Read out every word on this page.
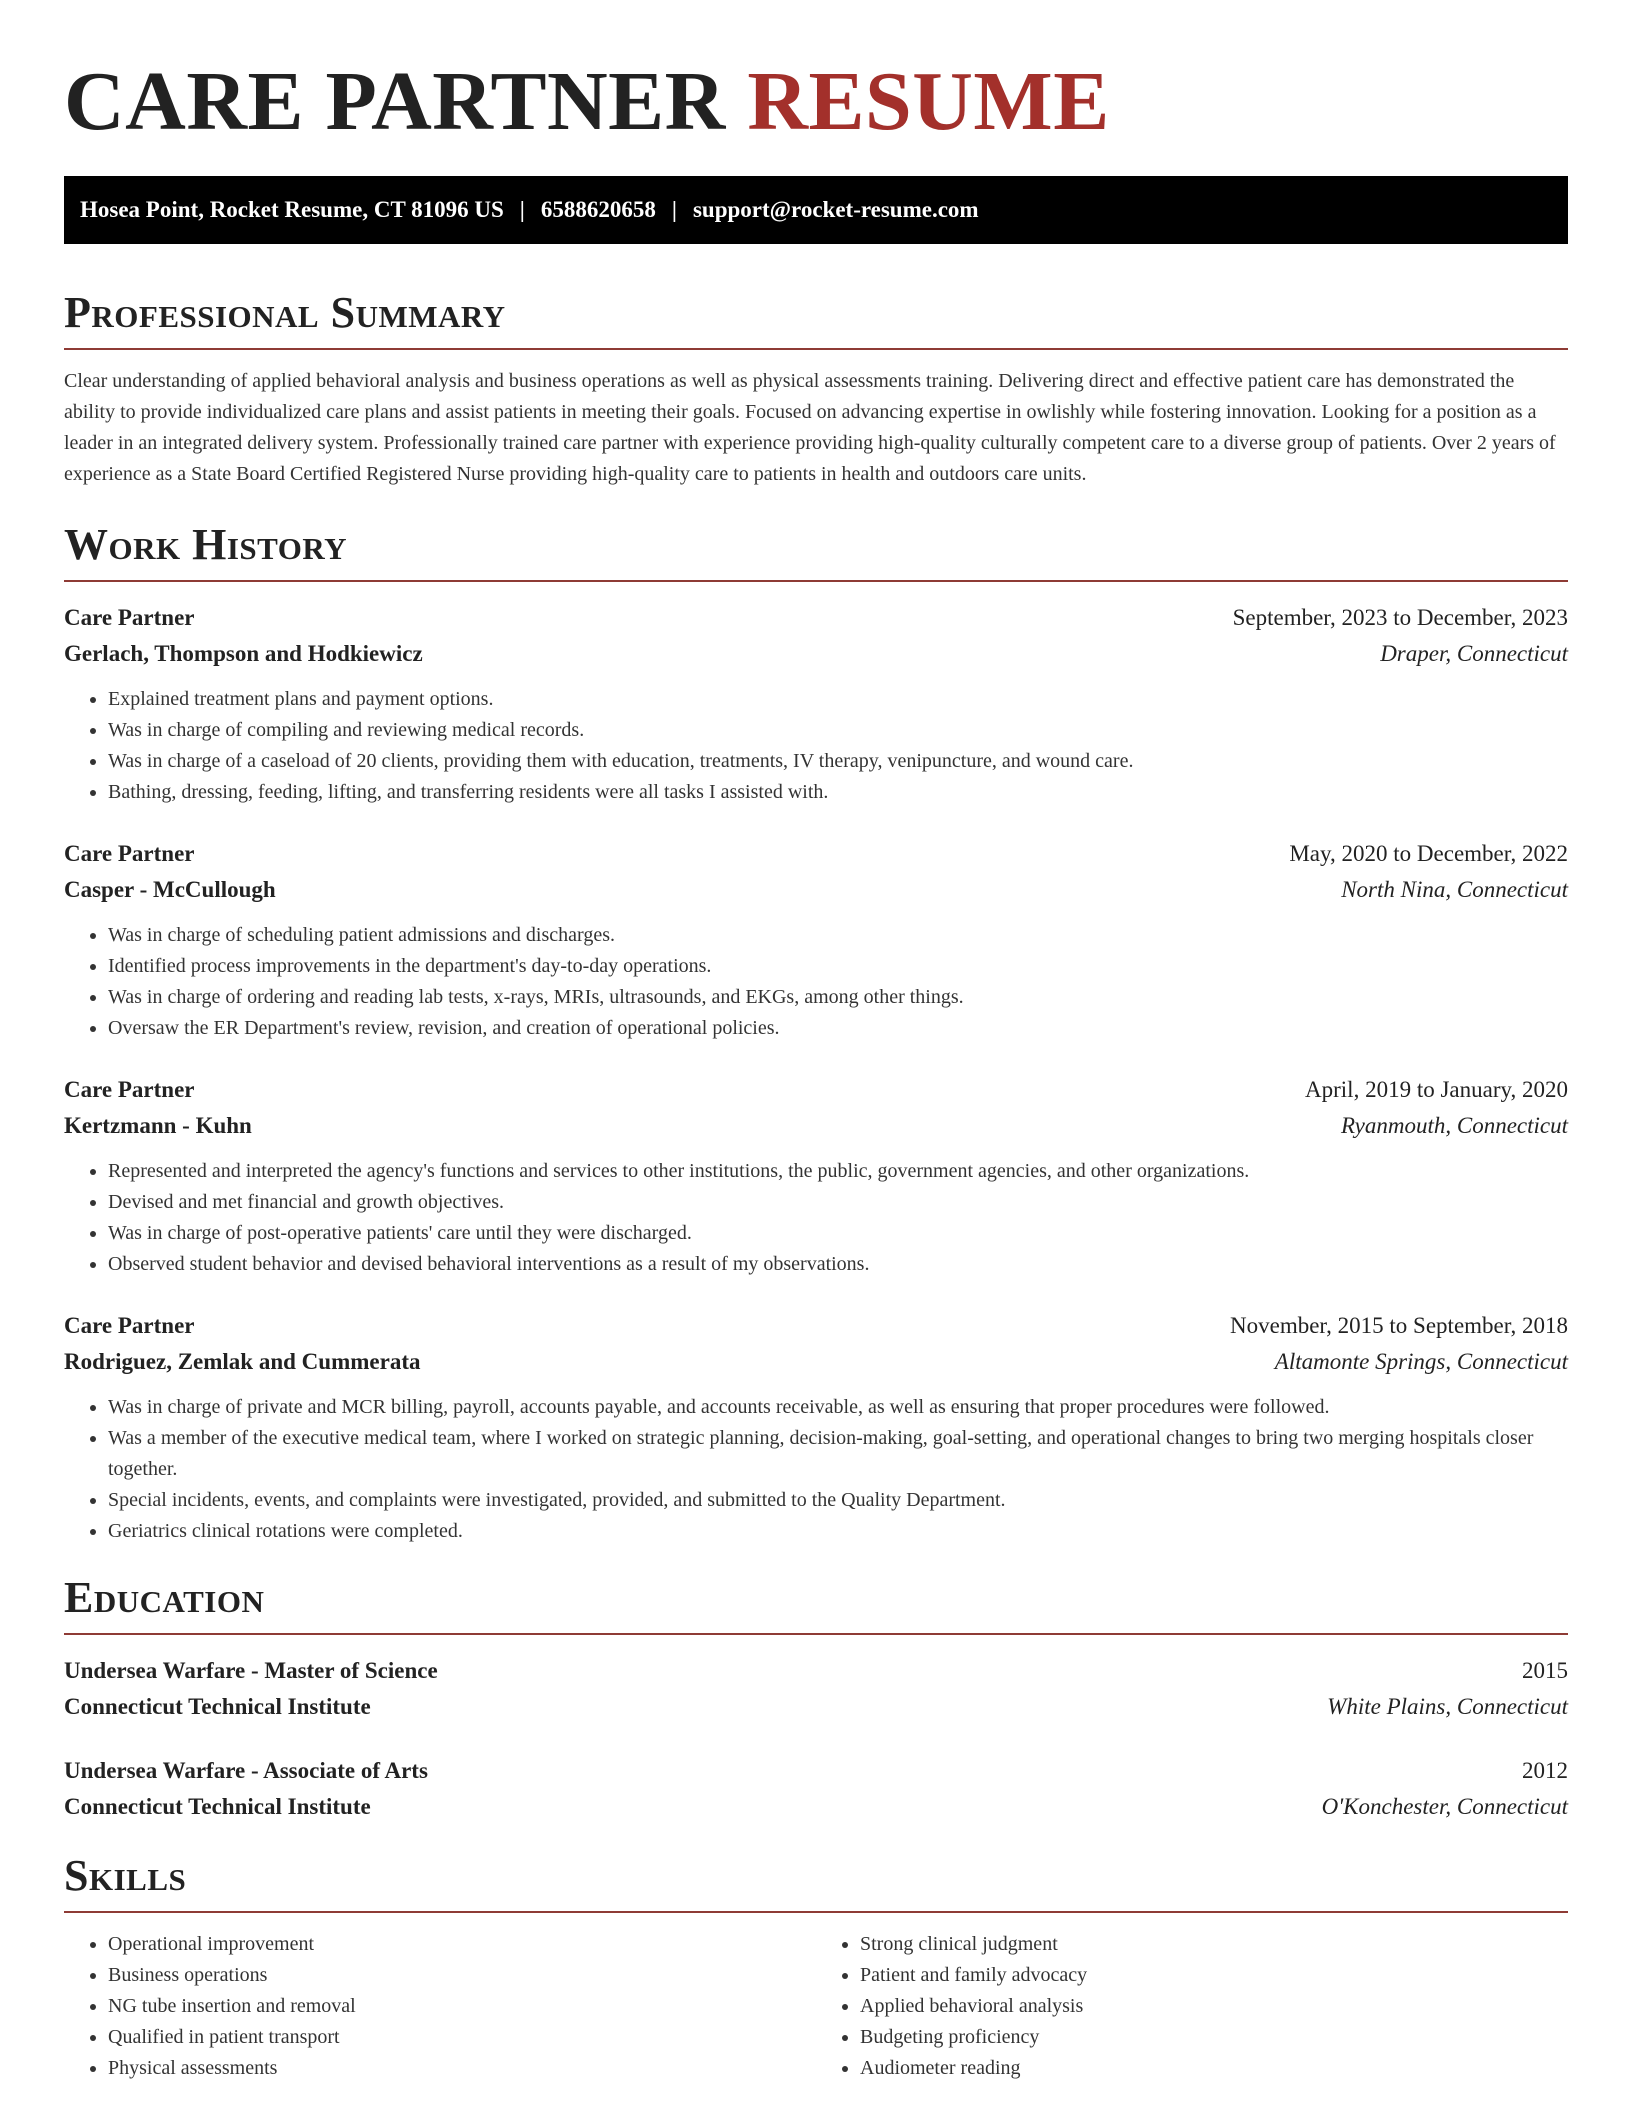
CARE PARTNER RESUME
Hosea Point, Rocket Resume, CT 81096 US | 6588620658 | support@rocket-resume.com
Professional Summary

Clear understanding of applied behavioral analysis and business operations as well as physical assessments training. Delivering direct and effective patient care has demonstrated the ability to provide individualized care plans and assist patients in meeting their goals. Focused on advancing expertise in owlishly while fostering innovation. Looking for a position as a leader in an integrated delivery system. Professionally trained care partner with experience providing high-quality culturally competent care to a diverse group of patients. Over 2 years of experience as a State Board Certified Registered Nurse providing high-quality care to patients in health and outdoors care units.

Work History
Care Partner	September, 2023 to December, 2023
Gerlach, Thompson and Hodkiewicz	Draper, Connecticut
• Explained treatment plans and payment options.
• Was in charge of compiling and reviewing medical records.
• Was in charge of a caseload of 20 clients, providing them with education, treatments, IV therapy, venipuncture, and wound care.
• Bathing, dressing, feeding, lifting, and transferring residents were all tasks I assisted with.
Care Partner	May, 2020 to December, 2022
Casper - McCullough	North Nina, Connecticut
• Was in charge of scheduling patient admissions and discharges.
• Identified process improvements in the department's day-to-day operations.
• Was in charge of ordering and reading lab tests, x-rays, MRIs, ultrasounds, and EKGs, among other things.
• Oversaw the ER Department's review, revision, and creation of operational policies.
Care Partner	April, 2019 to January, 2020
Kertzmann - Kuhn	Ryanmouth, Connecticut
• Represented and interpreted the agency's functions and services to other institutions, the public, government agencies, and other organizations.
• Devised and met financial and growth objectives.
• Was in charge of post-operative patients' care until they were discharged.
• Observed student behavior and devised behavioral interventions as a result of my observations.
Care Partner	November, 2015 to September, 2018
Rodriguez, Zemlak and Cummerata	Altamonte Springs, Connecticut
• Was in charge of private and MCR billing, payroll, accounts payable, and accounts receivable, as well as ensuring that proper procedures were followed.
• Was a member of the executive medical team, where I worked on strategic planning, decision-making, goal-setting, and operational changes to bring two merging hospitals closer together.
• Special incidents, events, and complaints were investigated, provided, and submitted to the Quality Department.
• Geriatrics clinical rotations were completed.
Education
Undersea Warfare - Master of Science	2015
Connecticut Technical Institute	White Plains, Connecticut
Undersea Warfare - Associate of Arts	2012
Connecticut Technical Institute	O'Konchester, Connecticut
Skills
• Operational improvement
• Business operations
• NG tube insertion and removal
• Qualified in patient transport
• Physical assessments
• Strong clinical judgment
• Patient and family advocacy
• Applied behavioral analysis
• Budgeting proficiency
• Audiometer reading
